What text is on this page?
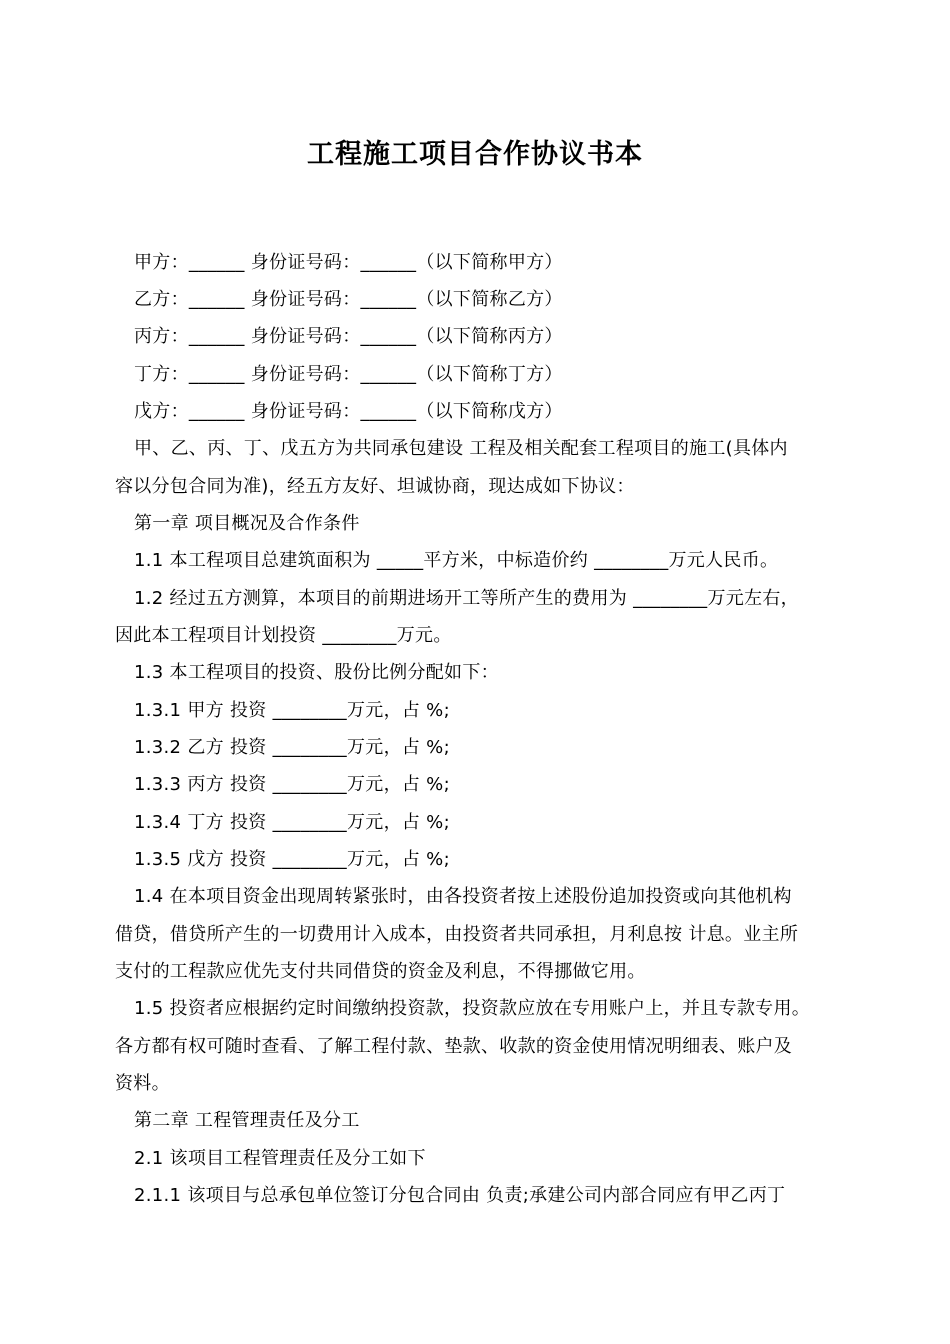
工程施工项目合作协议书本
甲方：______ 身份证号码：______（以下简称甲方）
乙方：______ 身份证号码：______（以下简称乙方）
丙方：______ 身份证号码：______（以下简称丙方）
丁方：______ 身份证号码：______（以下简称丁方）
戊方：______ 身份证号码：______（以下简称戊方）
甲、乙、丙、丁、戊五方为共同承包建设 工程及相关配套工程项目的施工(具体内
容以分包合同为准)，经五方友好、坦诚协商，现达成如下协议：
第一章 项目概况及合作条件
1.1 本工程项目总建筑面积为 _____平方米，中标造价约 ________万元人民币。
1.2 经过五方测算，本项目的前期进场开工等所产生的费用为 ________万元左右，
因此本工程项目计划投资 ________万元。
1.3 本工程项目的投资、股份比例分配如下：
1.3.1 甲方 投资 ________万元，占 %;
1.3.2 乙方 投资 ________万元，占 %;
1.3.3 丙方 投资 ________万元，占 %;
1.3.4 丁方 投资 ________万元，占 %;
1.3.5 戊方 投资 ________万元，占 %;
1.4 在本项目资金出现周转紧张时，由各投资者按上述股份追加投资或向其他机构
借贷，借贷所产生的一切费用计入成本，由投资者共同承担，月利息按 计息。业主所
支付的工程款应优先支付共同借贷的资金及利息，不得挪做它用。
1.5 投资者应根据约定时间缴纳投资款，投资款应放在专用账户上，并且专款专用。
各方都有权可随时查看、了解工程付款、垫款、收款的资金使用情况明细表、账户及
资料。
第二章 工程管理责任及分工
2.1 该项目工程管理责任及分工如下
2.1.1 该项目与总承包单位签订分包合同由 负责;承建公司内部合同应有甲乙丙丁
